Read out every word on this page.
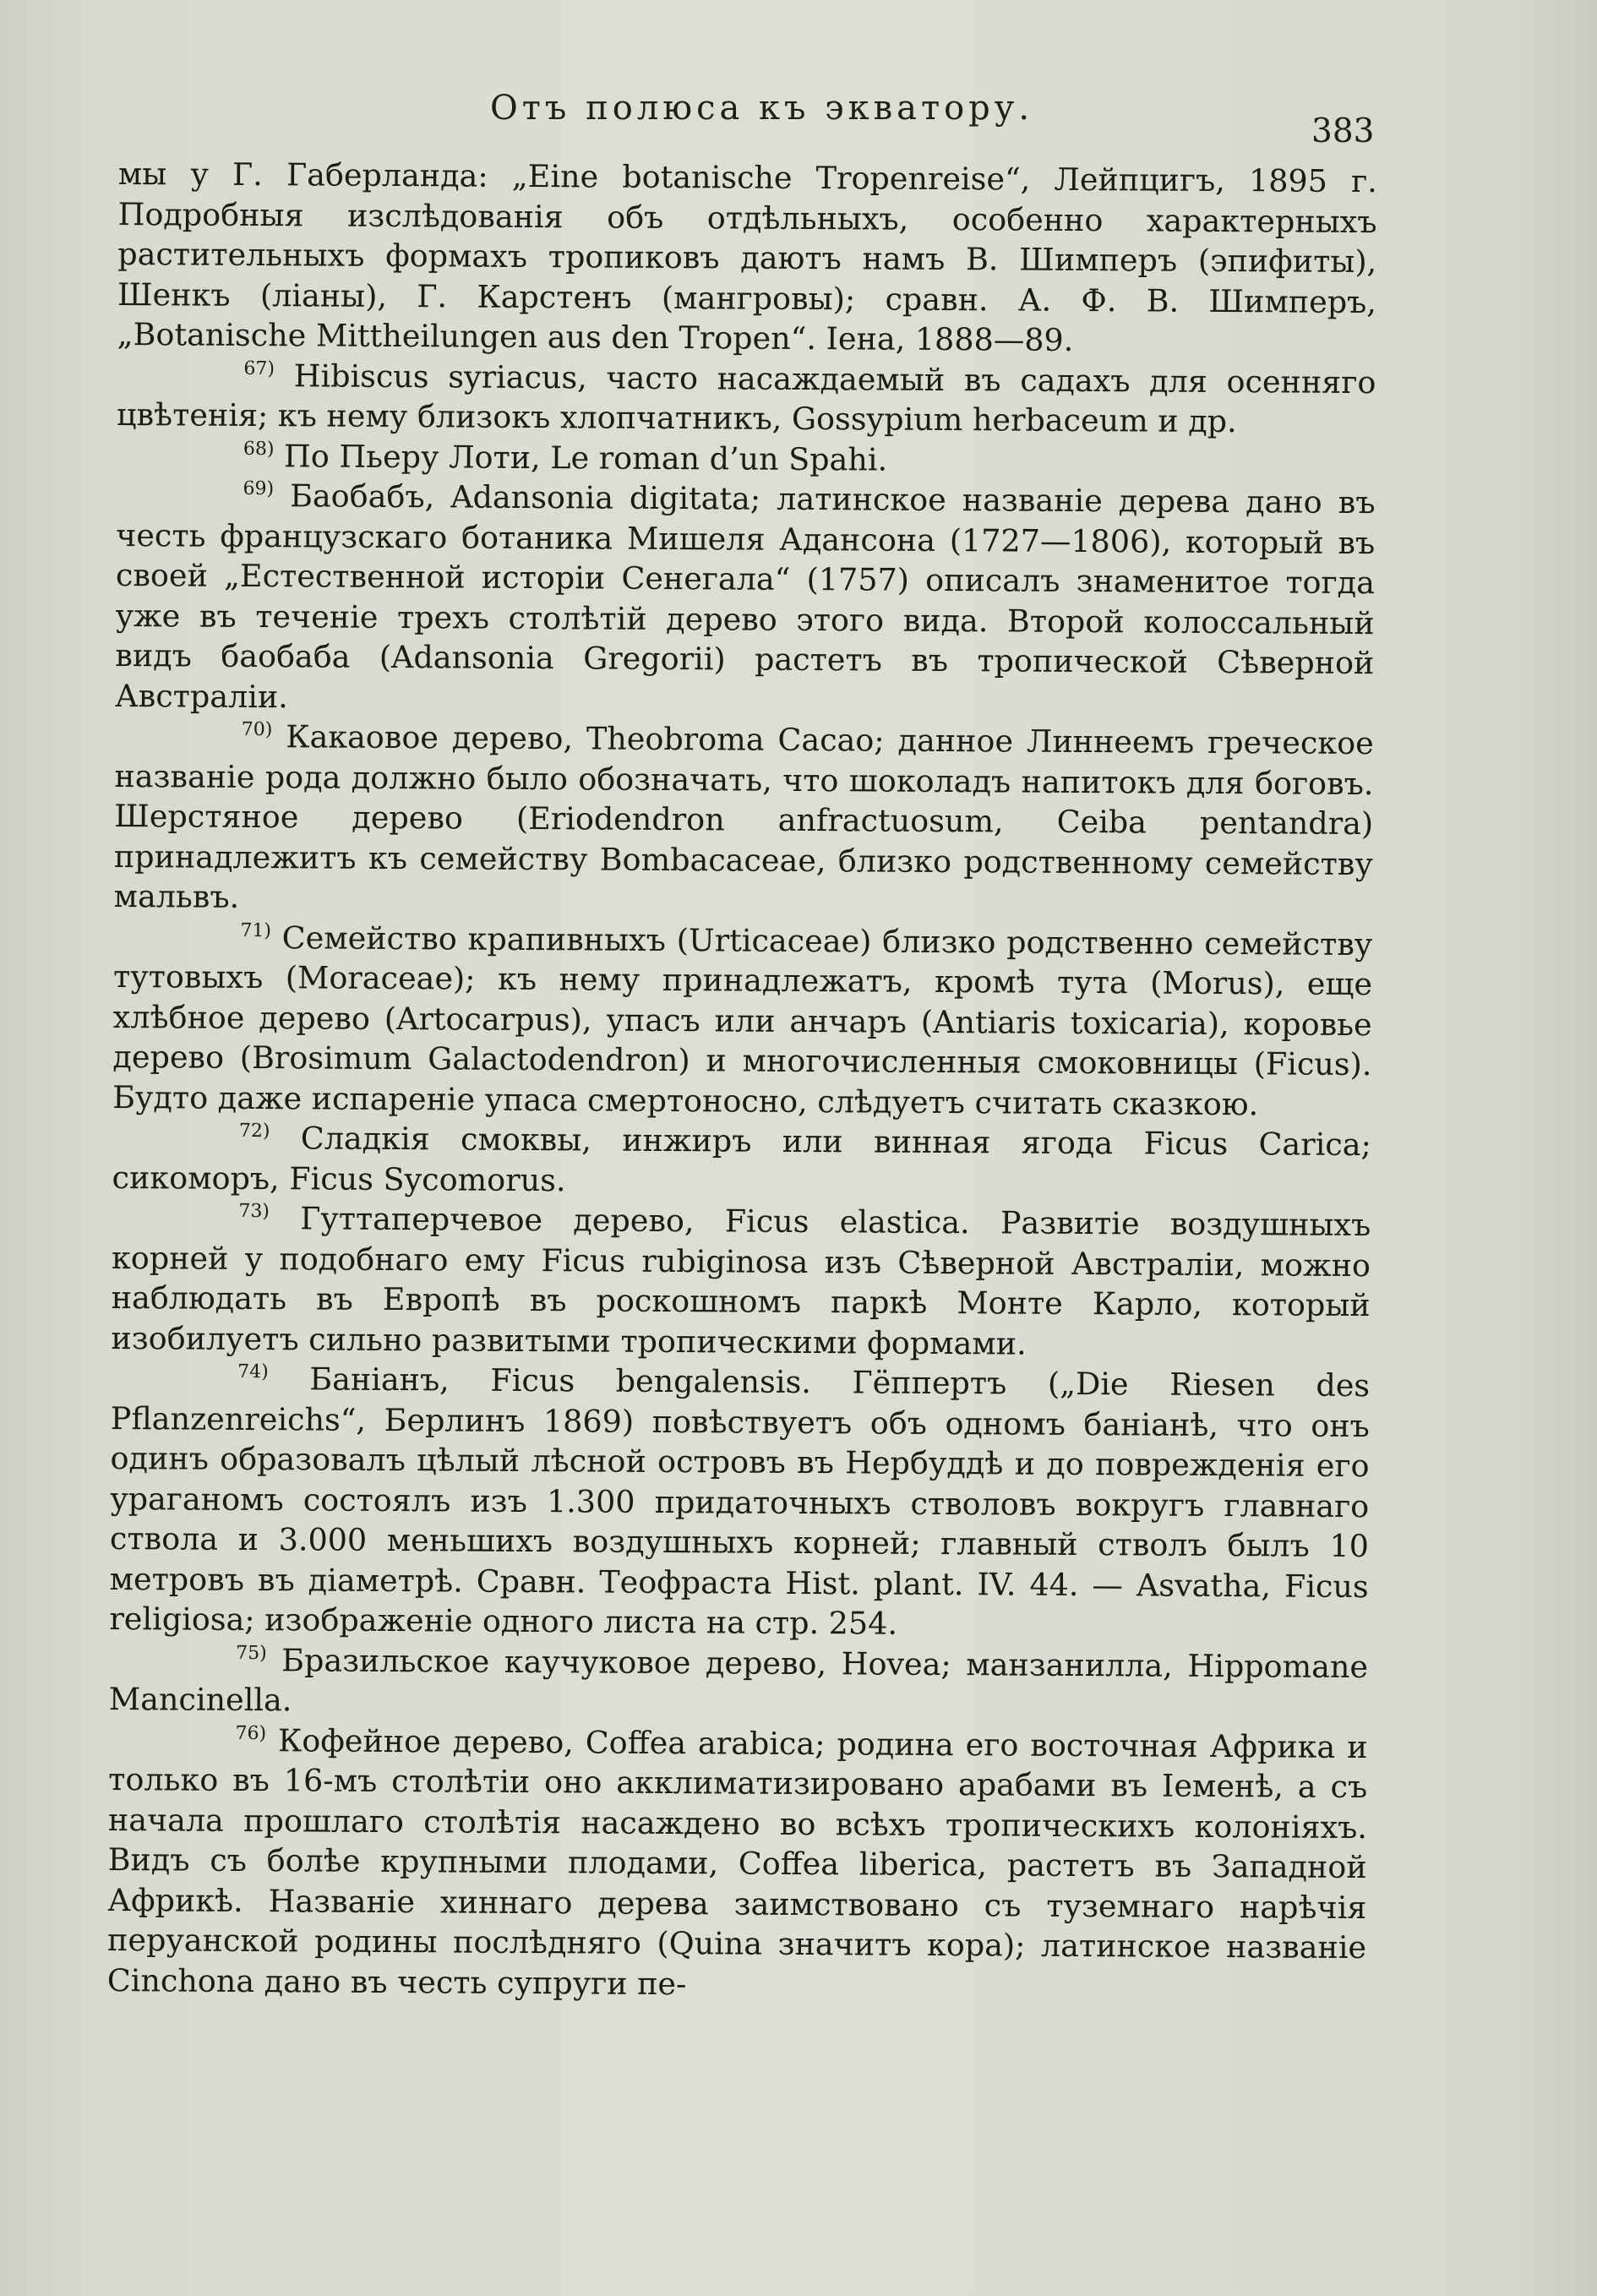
Отъ полюса къ экватору.
383

мы у Г. Габерланда: „Eine botanische Tropenreise“, Лейпцигъ, 1895 г. Подробныя изслѣдованія объ отдѣльныхъ, особенно характерныхъ растительныхъ формахъ тропиковъ даютъ намъ В. Шимперъ (эпифиты), Шенкъ (ліаны), Г. Карстенъ (мангровы); сравн. А. Ф. В. Шимперъ, „Botanische Mittheilungen aus den Tropen“. Іена, 1888—89.

$^{67)}$ Hibiscus syriacus, часто насаждаемый въ садахъ для осенняго цвѣтенія; къ нему близокъ хлопчатникъ, Gossypium herbaceum и др.

$^{68)}$ По Пьеру Лоти, Le roman d’un Spahi.

$^{69)}$ Баобабъ, Adansonia digitata; латинское названіе дерева дано въ честь французскаго ботаника Мишеля Адансона (1727—1806), который въ своей „Естественной исторіи Сенегала“ (1757) описалъ знаменитое тогда уже въ теченіе трехъ столѣтій дерево этого вида. Второй колоссальный видъ баобаба (Adansonia Gregorii) растетъ въ тропической Сѣверной Австраліи.

$^{70)}$ Какаовое дерево, Theobroma Cacao; данное Линнеемъ греческое названіе рода должно было обозначать, что шоколадъ напитокъ для боговъ. Шерстяное дерево (Eriodendron anfractuosum, Ceiba pentandra) принадлежитъ къ семейству Bombacaceae, близко родственному семейству мальвъ.

$^{71)}$ Семейство крапивныхъ (Urticaceae) близко родственно семейству тутовыхъ (Moraceae); къ нему принадлежатъ, кромѣ тута (Morus), еще хлѣбное дерево (Artocarpus), упасъ или анчаръ (Antiaris toxicaria), коровье дерево (Brosimum Galactodendron) и многочисленныя смоковницы (Ficus). Будто даже испареніе упаса смертоносно, слѣдуетъ считать сказкою.

$^{72)}$ Сладкія смоквы, инжиръ или винная ягода Ficus Carica; сикоморъ, Ficus Sycomorus.

$^{73)}$ Гуттаперчевое дерево, Ficus elastica. Развитіе воздушныхъ корней у подобнаго ему Ficus rubiginosa изъ Сѣверной Австраліи, можно наблюдать въ Европѣ въ роскошномъ паркѣ Монте Карло, который изобилуетъ сильно развитыми тропическими формами.

$^{74)}$ Баніанъ, Ficus bengalensis. Гёппертъ („Die Riesen des Pflanzenreichs“, Берлинъ 1869) повѣствуетъ объ одномъ баніанѣ, что онъ одинъ образовалъ цѣлый лѣсной островъ въ Нербуддѣ и до поврежденія его ураганомъ состоялъ изъ 1.300 придаточныхъ стволовъ вокругъ главнаго ствола и 3.000 меньшихъ воздушныхъ корней; главный стволъ былъ 10 метровъ въ діаметрѣ. Сравн. Теофраста Hist. plant. IV. 44. — Asvatha, Ficus religiosa; изображеніе одного листа на стр. 254.

$^{75)}$ Бразильское каучуковое дерево, Hovea; манзанилла, Hippomane Mancinella.

$^{76)}$ Кофейное дерево, Coffea arabica; родина его восточная Африка и только въ 16-мъ столѣтіи оно акклиматизировано арабами въ Іеменѣ, а съ начала прошлаго столѣтія насаждено во всѣхъ тропическихъ колоніяхъ. Видъ съ болѣе крупными плодами, Coffea liberica, растетъ въ Западной Африкѣ. Названіе хиннаго дерева заимствовано съ туземнаго нарѣчія перуанской родины послѣдняго (Quina значитъ кора); латинское названіе Cinchona дано въ честь супруги пе-
